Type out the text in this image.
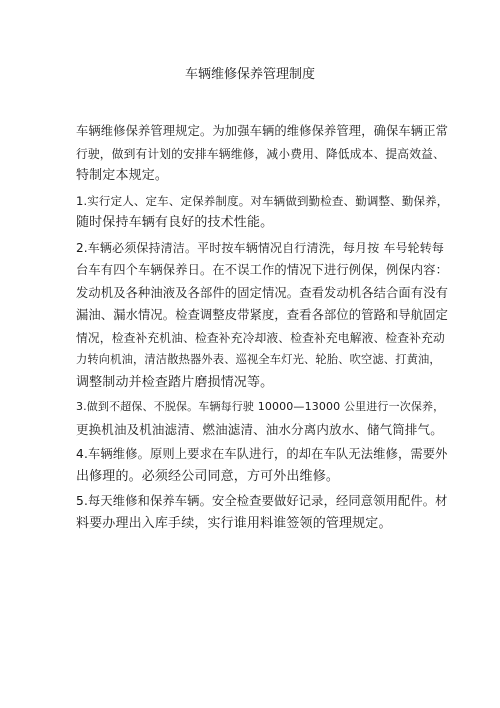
车辆维修保养管理制度

车辆维修保养管理规定。为加强车辆的维修保养管理，确保车辆正常
行驶，做到有计划的安排车辆维修，减小费用、降低成本、提高效益、
特制定本规定。

1.实行定人、定车、定保养制度。对车辆做到勤检查、勤调整、勤保养，
随时保持车辆有良好的技术性能。

2.车辆必须保持清洁。平时按车辆情况自行清洗，每月按 车号轮转每
台车有四个车辆保养日。在不误工作的情况下进行例保，例保内容：
发动机及各种油液及各部件的固定情况。查看发动机各结合面有没有
漏油、漏水情况。检查调整皮带紧度，查看各部位的管路和导航固定
情况，检查补充机油、检查补充冷却液、检查补充电解液、检查补充动
力转向机油，清洁散热器外表、巡视全车灯光、轮胎、吹空滤、打黄油，
调整制动并检查踏片磨损情况等。

3.做到不超保、不脱保。车辆每行驶 10000—13000 公里进行一次保养，
更换机油及机油滤清、燃油滤清、油水分离内放水、储气筒排气。

4.车辆维修。原则上要求在车队进行，的却在车队无法维修，需要外
出修理的。必须经公司同意，方可外出维修。

5.每天维修和保养车辆。安全检查要做好记录，经同意领用配件。材
料要办理出入库手续，实行谁用料谁签领的管理规定。
